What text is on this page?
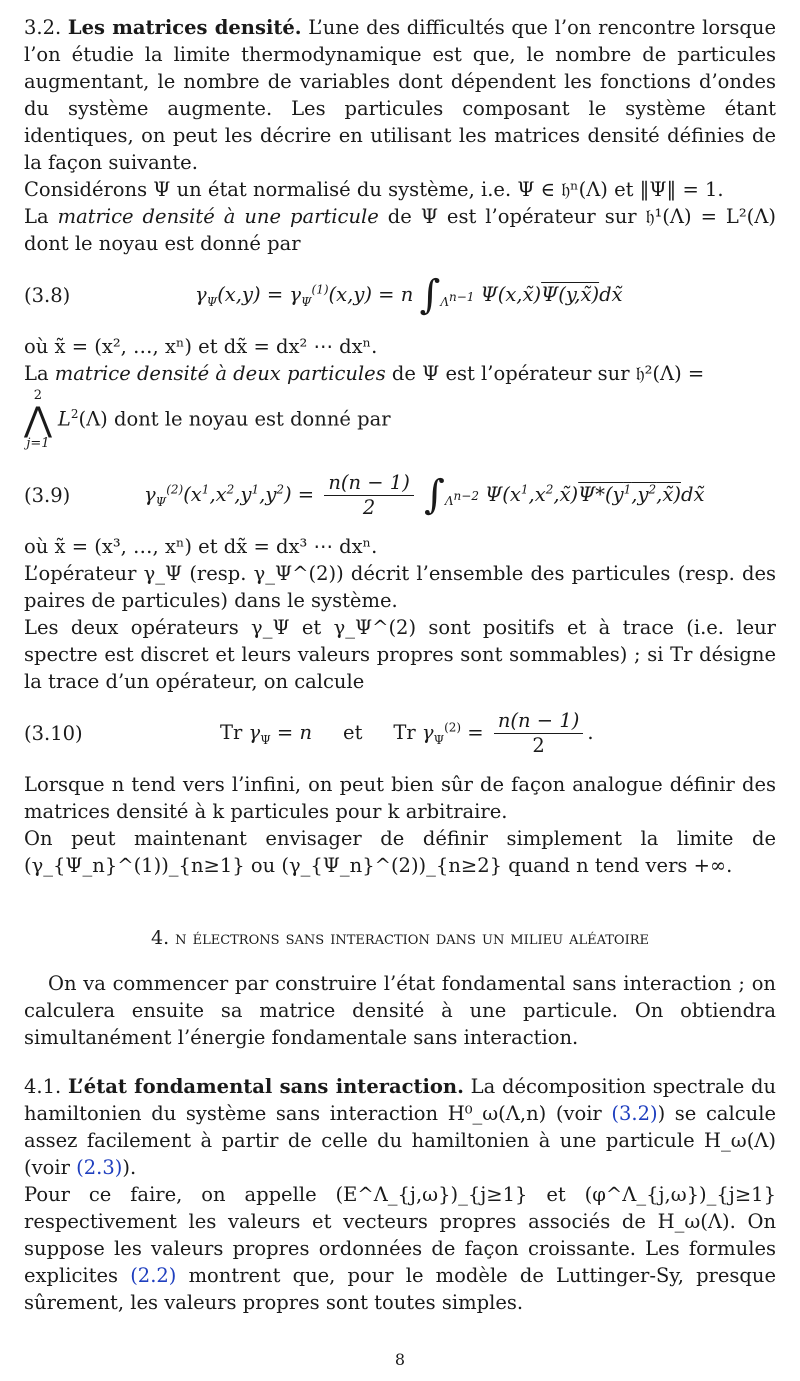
3.2. Les matrices densité. L’une des difficultés que l’on rencontre lorsque l’on étudie la limite thermodynamique est que, le nombre de particules augmentant, le nombre de variables dont dépendent les fonctions d’ondes du système augmente. Les particules composant le système étant identiques, on peut les décrire en utilisant les matrices densité définies de la façon suivante.

Considérons Ψ un état normalisé du système, i.e. Ψ ∈ 𝔥ⁿ(Λ) et ‖Ψ‖ = 1.

La matrice densité à une particule de Ψ est l’opérateur sur 𝔥¹(Λ) = L²(Λ) dont le noyau est donné par

(3.8)	$\gamma_\Psi(x,y) = \gamma_\Psi^{(1)}(x,y) = n$ $\int_{\Lambda^{n-1}}$ Ψ(x,x̃)Ψ(y,x̃)dx̃

où x̃ = (x², …, xⁿ) et dx̃ = dx² ⋯ dxⁿ.

La matrice densité à deux particules de Ψ est l’opérateur sur 𝔥²(Λ) =

2
⋀
j=1
$L^2(\Lambda)$ dont le noyau est donné par

(3.9)	$\gamma_\Psi^{(2)}(x^1,x^2,y^1,y^2) = \frac{n(n - 1)}{2} \int_{\Lambda^{n-2}}$ $\Psi(x^1,x^2,x̃)\Psi*(y^1,y^2,x̃)dx̃$

où x̃ = (x³, …, xⁿ) et dx̃ = dx³ ⋯ dxⁿ.

L’opérateur γ_Ψ (resp. γ_Ψ^(2)) décrit l’ensemble des particules (resp. des paires de particules) dans le système.

Les deux opérateurs γ_Ψ et γ_Ψ^(2) sont positifs et à trace (i.e. leur spectre est discret et leurs valeurs propres sont sommables) ; si Tr désigne la trace d’un opérateur, on calcule

(3.10)	Tr $\gamma_\Psi = n$     et     Tr $\gamma_\Psi^{(2)} = \frac{n(n - 1)}{2}$ .

Lorsque n tend vers l’infini, on peut bien sûr de façon analogue définir des matrices densité à k particules pour k arbitraire.

On peut maintenant envisager de définir simplement la limite de (γ_{Ψ_n}^(1))_{n≥1} ou (γ_{Ψ_n}^(2))_{n≥2} quand n tend vers +∞.

4. n électrons sans interaction dans un milieu aléatoire

On va commencer par construire l’état fondamental sans interaction ; on calculera ensuite sa matrice densité à une particule. On obtiendra simultanément l’énergie fondamentale sans interaction.

4.1. L’état fondamental sans interaction. La décomposition spectrale du hamiltonien du système sans interaction H⁰_ω(Λ,n) (voir (3.2)) se calcule assez facilement à partir de celle du hamiltonien à une particule H_ω(Λ) (voir (2.3)).

Pour ce faire, on appelle (E^Λ_{j,ω})_{j≥1} et (φ^Λ_{j,ω})_{j≥1} respectivement les valeurs et vecteurs propres associés de H_ω(Λ). On suppose les valeurs propres ordonnées de façon croissante. Les formules explicites (2.2) montrent que, pour le modèle de Luttinger-Sy, presque sûrement, les valeurs propres sont toutes simples.

8
